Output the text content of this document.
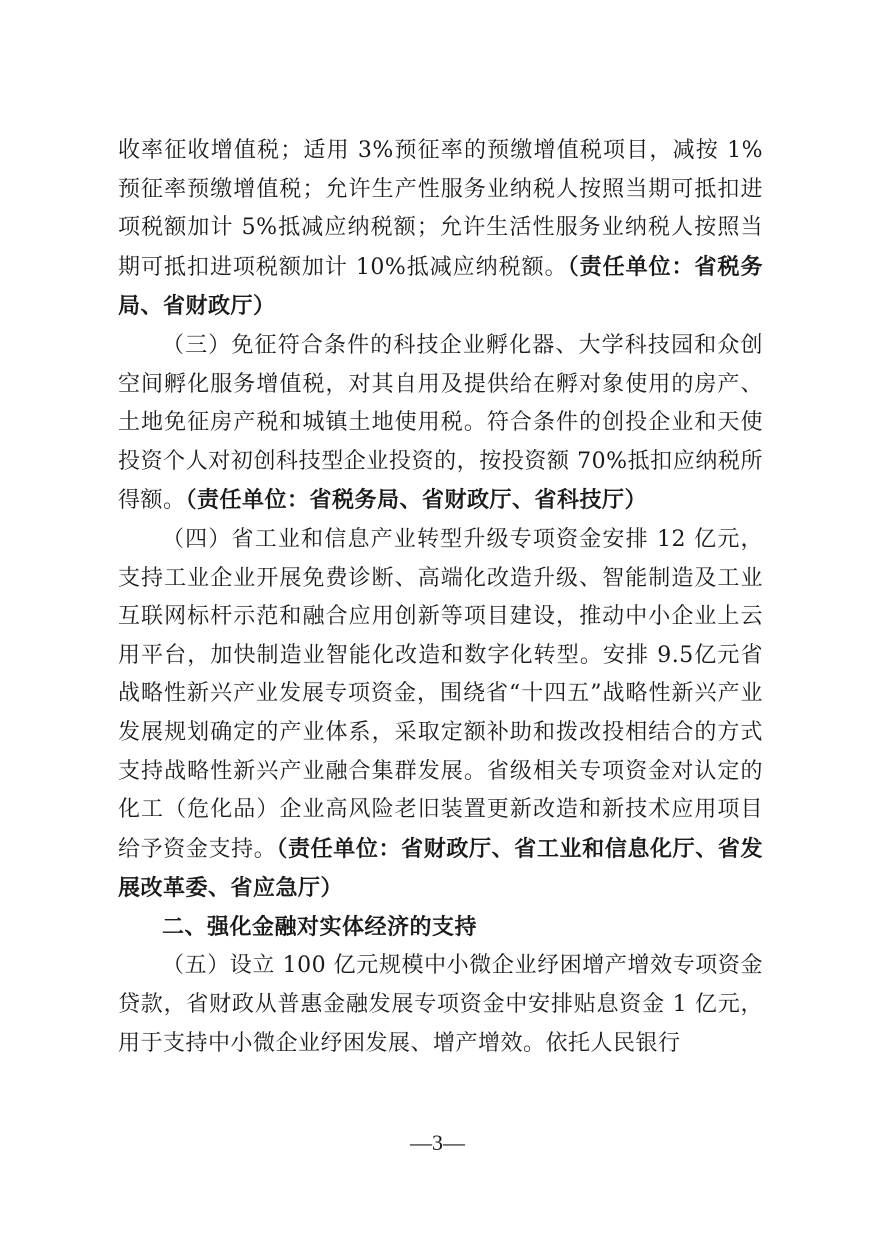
收率征收增值税；适用 3%预征率的预缴增值税项目，减按 1%预征率预缴增值税；允许生产性服务业纳税人按照当期可抵扣进项税额加计 5%抵减应纳税额；允许生活性服务业纳税人按照当期可抵扣进项税额加计 10%抵减应纳税额。（责任单位：省税务局、省财政厅）

（三）免征符合条件的科技企业孵化器、大学科技园和众创空间孵化服务增值税，对其自用及提供给在孵对象使用的房产、土地免征房产税和城镇土地使用税。符合条件的创投企业和天使投资个人对初创科技型企业投资的，按投资额 70%抵扣应纳税所得额。（责任单位：省税务局、省财政厅、省科技厅）

（四）省工业和信息产业转型升级专项资金安排 12 亿元，支持工业企业开展免费诊断、高端化改造升级、智能制造及工业互联网标杆示范和融合应用创新等项目建设，推动中小企业上云用平台，加快制造业智能化改造和数字化转型。安排 9.5亿元省战略性新兴产业发展专项资金，围绕省“十四五”战略性新兴产业发展规划确定的产业体系，采取定额补助和拨改投相结合的方式支持战略性新兴产业融合集群发展。省级相关专项资金对认定的化工（危化品）企业高风险老旧装置更新改造和新技术应用项目给予资金支持。（责任单位：省财政厅、省工业和信息化厅、省发展改革委、省应急厅）

二、强化金融对实体经济的支持

（五）设立 100 亿元规模中小微企业纾困增产增效专项资金贷款，省财政从普惠金融发展专项资金中安排贴息资金 1 亿元，用于支持中小微企业纾困发展、增产增效。依托人民银行

—3—
